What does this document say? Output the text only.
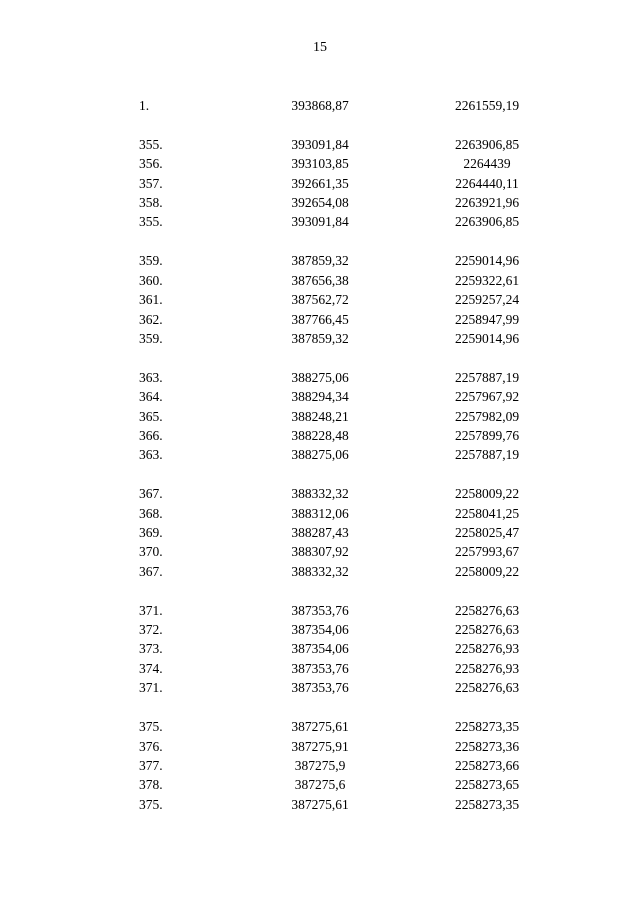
15
1.	393868,87	2261559,19
355.	393091,84	2263906,85
356.	393103,85	2264439
357.	392661,35	2264440,11
358.	392654,08	2263921,96
355.	393091,84	2263906,85
359.	387859,32	2259014,96
360.	387656,38	2259322,61
361.	387562,72	2259257,24
362.	387766,45	2258947,99
359.	387859,32	2259014,96
363.	388275,06	2257887,19
364.	388294,34	2257967,92
365.	388248,21	2257982,09
366.	388228,48	2257899,76
363.	388275,06	2257887,19
367.	388332,32	2258009,22
368.	388312,06	2258041,25
369.	388287,43	2258025,47
370.	388307,92	2257993,67
367.	388332,32	2258009,22
371.	387353,76	2258276,63
372.	387354,06	2258276,63
373.	387354,06	2258276,93
374.	387353,76	2258276,93
371.	387353,76	2258276,63
375.	387275,61	2258273,35
376.	387275,91	2258273,36
377.	387275,9	2258273,66
378.	387275,6	2258273,65
375.	387275,61	2258273,35
